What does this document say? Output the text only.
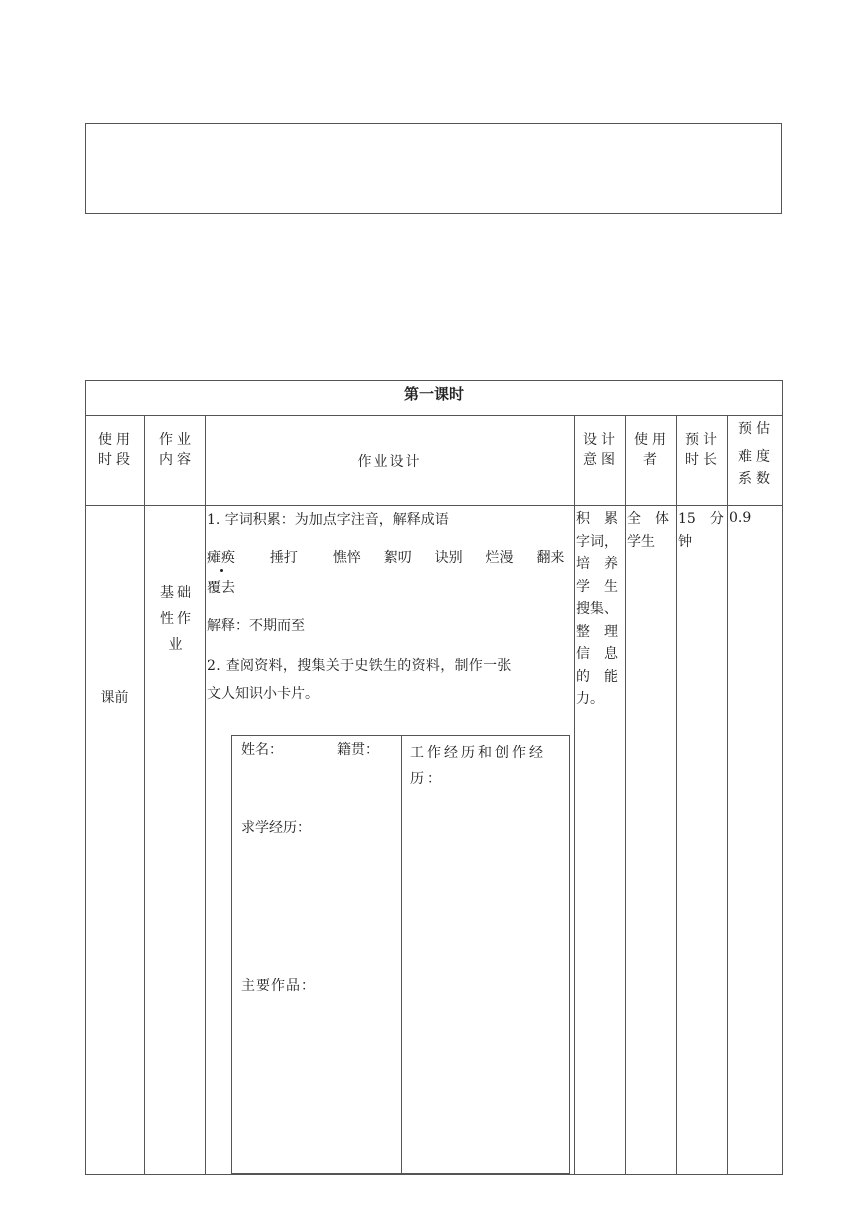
第一课时
使用
时段
作业
内容	作业设计
设计
意图
使用
者
预计
时长
预估
难度
系数
课前
基础
性作
业
1. 字词积累：为加点字注音，解释成语
瘫痪 捶打 憔悴 絮叨 诀别 烂漫 翻来
覆去
解释：不期而至
2. 查阅资料，搜集关于史铁生的资料，制作一张
文人知识小卡片。
姓名：	籍贯：
求学经历：
主要作品：
工作经历和创作经
历：
积　累
字词，
培　养
学　生
搜集、
整　理
信　息
的　能
力。
全　体
学生
15　分
钟
0.9
